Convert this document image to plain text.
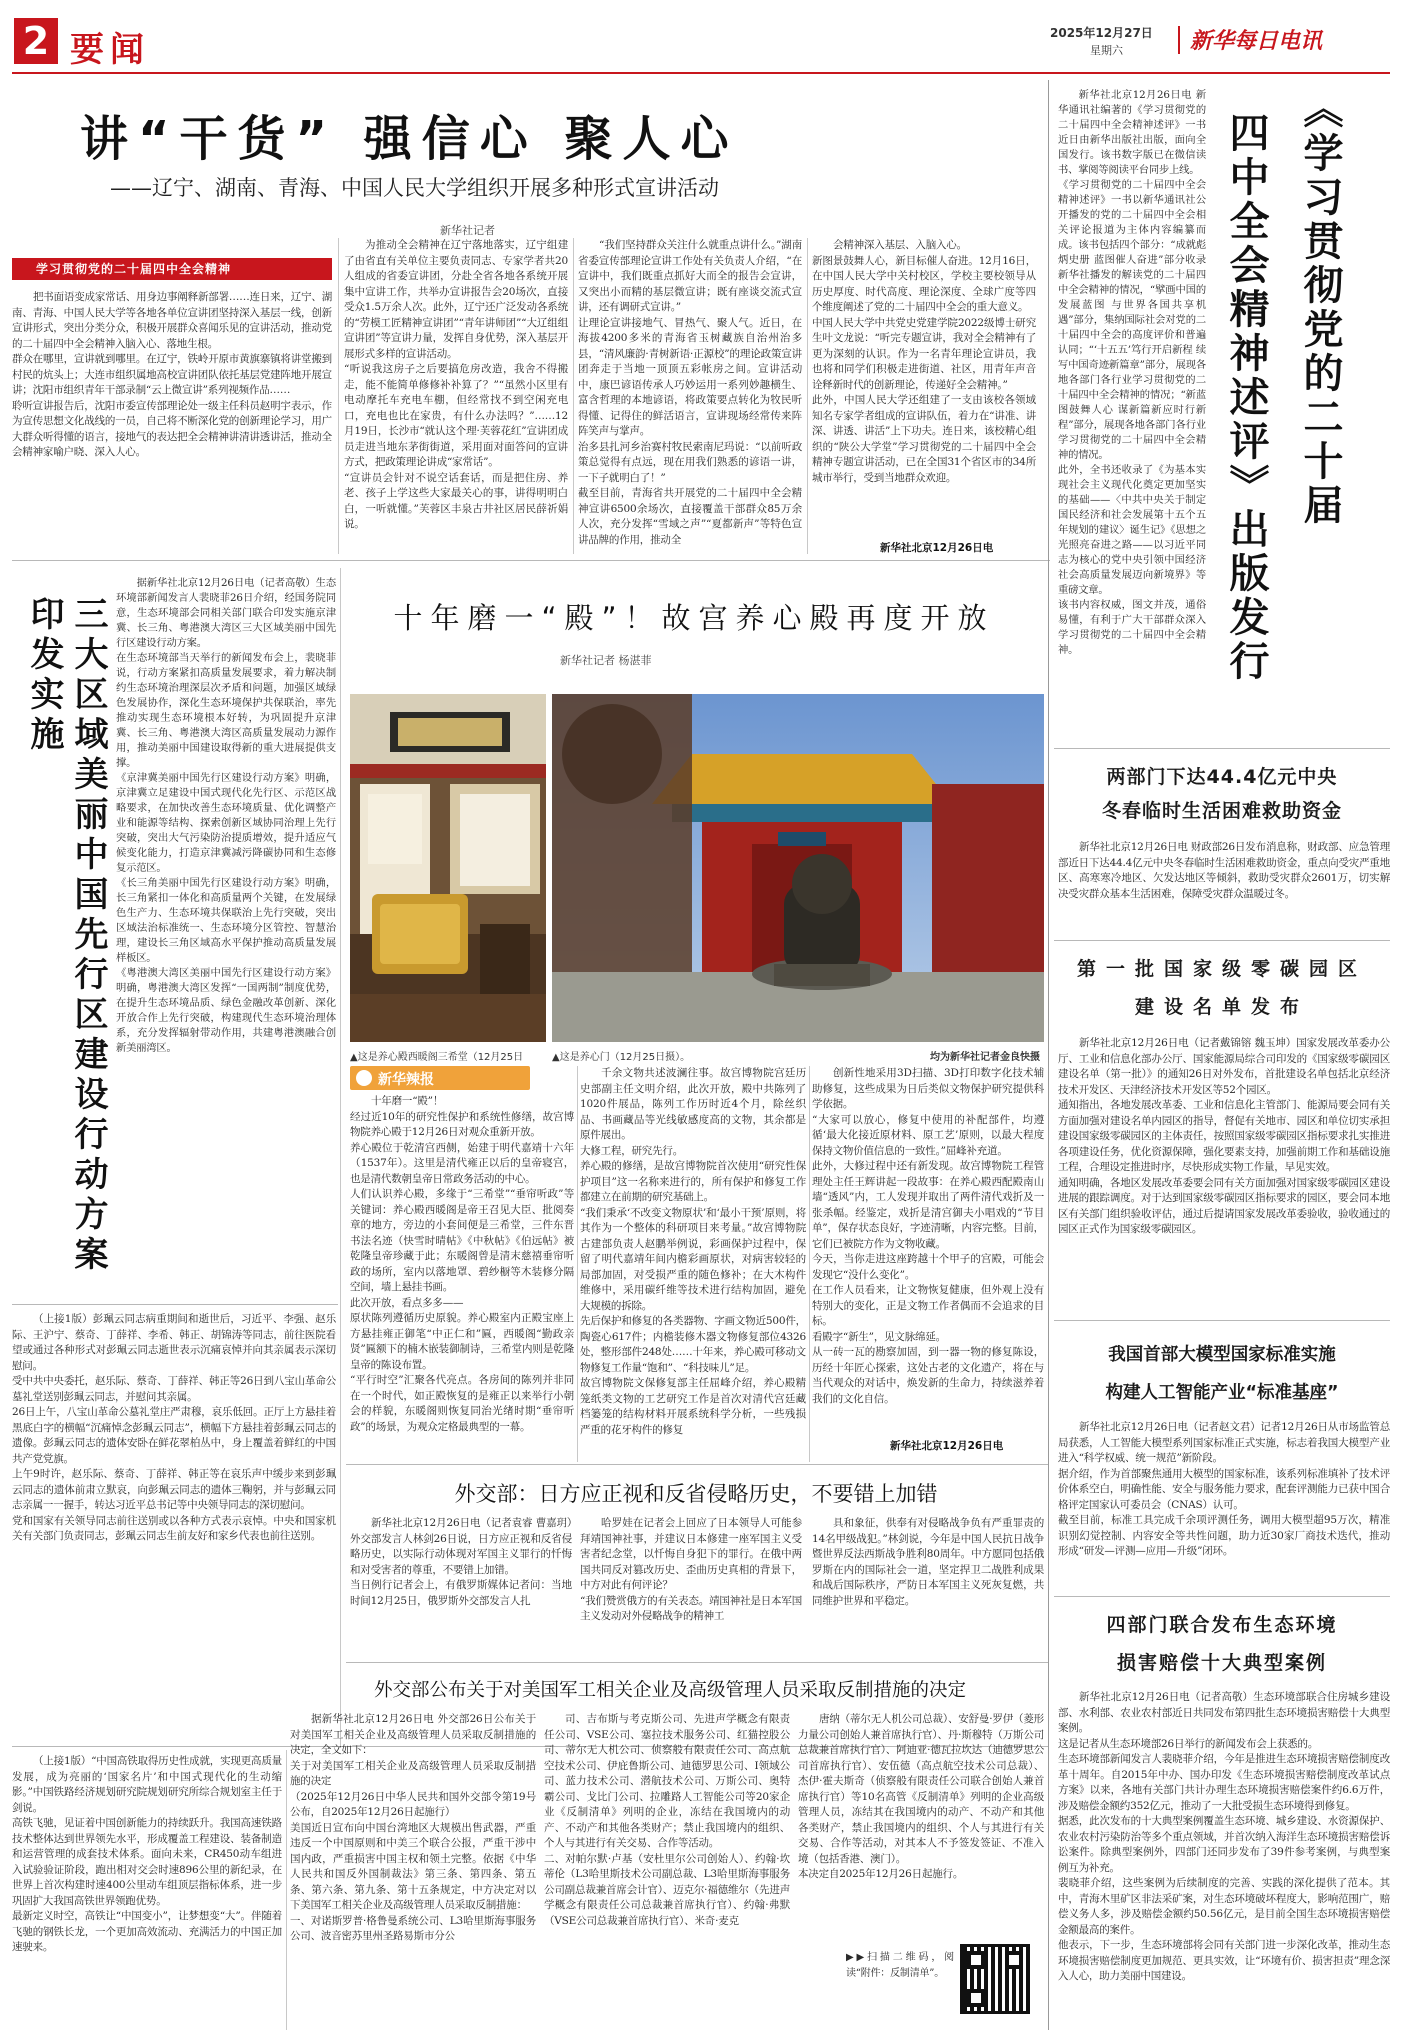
2 要闻	2025年12月27日
星期六	新华每日电讯
讲“干货” 强信心 聚人心
——辽宁、湖南、青海、中国人民大学组织开展多种形式宣讲活动
新华社记者
学习贯彻党的二十届四中全会精神
把书面语变成家常话、用身边事阐释新部署……连日来，辽宁、湖南、青海、中国人民大学等各地各单位宣讲团坚持深入基层一线，创新宣讲形式，突出分类分众，积极开展群众喜闻乐见的宣讲活动，推动党的二十届四中全会精神入脑入心、落地生根。
群众在哪里，宣讲就到哪里。在辽宁，铁岭开原市黄旗寨镇将讲堂搬到村民的炕头上；大连市组织属地高校宣讲团队依托基层党建阵地开展宣讲；沈阳市组织青年干部录制“云上微宣讲”系列视频作品……
聆听宣讲报告后，沈阳市委宣传部理论处一级主任科员赵明宇表示，作为宣传思想文化战线的一员，自己将不断深化党的创新理论学习，用广大群众听得懂的语言，接地气的表达把全会精神讲清讲透讲活，推动全会精神家喻户晓、深入人心。
为推动全会精神在辽宁落地落实，辽宁组建了由省直有关单位主要负责同志、专家学者共20人组成的省委宣讲团，分赴全省各地各系统开展集中宣讲工作，共举办宣讲报告会20场次，直接受众1.5万余人次。此外，辽宁还广泛发动各系统的“劳模工匠精神宣讲团”“青年讲师团”“大辽组组宣讲团”等宣讲力量，发挥自身优势，深入基层开展形式多样的宣讲活动。
“听说我这房子之后要搞危房改造，我舍不得搬走，能不能简单修修补补算了？”“虽然小区里有电动摩托车充电车棚，但经常找不到空闲充电口，充电也比在家贵，有什么办法吗？”……12月19日，长沙市“就认这个理·芙蓉花红”宣讲团成员走进当地东茅街街道，采用面对面答问的宣讲方式，把政策理论讲成“家常话”。
“宣讲员会针对不说空话套话，而是把住房、养老、孩子上学这些大家最关心的事，讲得明明白白，一听就懂。”芙蓉区丰泉古井社区居民薛祈娟说。
“我们坚持群众关注什么就重点讲什么。”湖南省委宣传部理论宣讲工作处有关负责人介绍，“在宣讲中，我们既重点抓好大而全的报告会宣讲，又突出小而精的基层微宣讲；既有座谈交流式宣讲，还有调研式宣讲。”
让理论宣讲接地气、冒热气、聚人气。近日，在海拔4200多米的青海省玉树藏族自治州治多县，“清风廉韵·青树新语·正源校”的理论政策宣讲团奔走于当地一顶顶五彩帐房之间。宣讲活动中，康巴谚语传承人巧妙运用一系列妙趣横生、富含哲理的本地谚语，将政策要点转化为牧民听得懂、记得住的鲜活语言，宣讲现场经常传来阵阵笑声与掌声。
治多县扎河乡治赛村牧民索南尼玛说：“以前听政策总觉得有点远，现在用我们熟悉的谚语一讲，一下子就明白了！”
截至目前，青海省共开展党的二十届四中全会精神宣讲6500余场次，直接覆盖干部群众85万余人次，充分发挥“雪域之声”“夏都新声”等特色宣讲品牌的作用，推动全
会精神深入基层、入脑入心。
新图景鼓舞人心，新目标催人奋进。12月16日，在中国人民大学中关村校区，学校主要校领导从历史厚度、时代高度、理论深度、全球广度等四个维度阐述了党的二十届四中全会的重大意义。
中国人民大学中共党史党建学院2022级博士研究生叶文龙说：“听完专题宣讲，我对全会精神有了更为深刻的认识。作为一名青年理论宣讲员，我也将和同学们积极走进街道、社区，用青年声音诠释新时代的创新理论，传递好全会精神。”
此外，中国人民大学还组建了一支由该校各领域知名专家学者组成的宣讲队伍，着力在“讲准、讲深、讲透、讲活”上下功夫。连日来，该校精心组织的“陕公大学堂”学习贯彻党的二十届四中全会精神专题宣讲活动，已在全国31个省区市的34所城市举行，受到当地群众欢迎。
新华社北京12月26日电
新华社北京12月26日电 新华通讯社编著的《学习贯彻党的二十届四中全会精神述评》一书近日由新华出版社出版，面向全国发行。该书数字版已在微信读书、掌阅等阅读平台同步上线。
《学习贯彻党的二十届四中全会精神述评》一书以新华通讯社公开播发的党的二十届四中全会相关评论报道为主体内容编纂而成。该书包括四个部分：“成就彪炳史册 蓝图催人奋进”部分收录新华社播发的解读党的二十届四中全会精神的情况，“擘画中国的发展蓝图 与世界各国共享机遇”部分，集纳国际社会对党的二十届四中全会的高度评价和普遍认同；“‘十五五’笃行开启新程 续写中国奇迹新篇章”部分，展现各地各部门各行业学习贯彻党的二十届四中全会精神的情况；“新蓝图鼓舞人心 谋新篇新应时行新程”部分，展现各地各部门各行业学习贯彻党的二十届四中全会精神的情况。
此外，全书还收录了《为基本实现社会主义现代化奠定更加坚实的基础——〈中共中央关于制定国民经济和社会发展第十五个五年规划的建议〉诞生记》《思想之光照亮奋进之路——以习近平同志为核心的党中央引领中国经济社会高质量发展迈向新境界》等重磅文章。
该书内容权威，图文并茂，通俗易懂，有利于广大干部群众深入学习贯彻党的二十届四中全会精神。	四中全会精神述评》出版发行 《学习贯彻党的二十届
三大区域美丽中国先行区建设行动方案印发实施
据新华社北京12月26日电（记者高敬）生态环境部新闻发言人裴晓菲26日介绍，经国务院同意，生态环境部会同相关部门联合印发实施京津冀、长三角、粤港澳大湾区三大区域美丽中国先行区建设行动方案。
在生态环境部当天举行的新闻发布会上，裴晓菲说，行动方案紧扣高质量发展要求，着力解决制约生态环境治理深层次矛盾和问题，加强区域绿色发展协作，深化生态环境保护共保联治，率先推动实现生态环境根本好转，为巩固提升京津冀、长三角、粤港澳大湾区高质量发展动力源作用，推动美丽中国建设取得新的重大进展提供支撑。
《京津冀美丽中国先行区建设行动方案》明确，京津冀立足建设中国式现代化先行区、示范区战略要求，在加快改善生态环境质量、优化调整产业和能源等结构、探索创新区域协同治理上先行突破，突出大气污染防治提质增效，提升适应气候变化能力，打造京津冀减污降碳协同和生态修复示范区。
《长三角美丽中国先行区建设行动方案》明确，长三角紧扣一体化和高质量两个关键，在发展绿色生产力、生态环境共保联治上先行突破，突出区域法治标准统一、生态环境分区管控、智慧治理，建设长三角区域高水平保护推动高质量发展样板区。
《粤港澳大湾区美丽中国先行区建设行动方案》明确，粤港澳大湾区发挥“一国两制”制度优势，在提升生态环境品质、绿色金融改革创新、深化开放合作上先行突破，构建现代生态环境治理体系，充分发挥辐射带动作用，共建粤港澳融合创新美丽湾区。
（上接1版）彭珮云同志病重期间和逝世后，习近平、李强、赵乐际、王沪宁、蔡奇、丁薛祥、李希、韩正、胡锦涛等同志，前往医院看望或通过各种形式对彭珮云同志逝世表示沉痛哀悼并向其亲属表示深切慰问。
受中共中央委托，赵乐际、蔡奇、丁薛祥、韩正等26日到八宝山革命公墓礼堂送别彭珮云同志，并慰问其亲属。
26日上午，八宝山革命公墓礼堂庄严肃穆，哀乐低回。正厅上方悬挂着黑底白字的横幅“沉痛悼念彭珮云同志”，横幅下方悬挂着彭珮云同志的遗像。彭珮云同志的遗体安卧在鲜花翠柏丛中，身上覆盖着鲜红的中国共产党党旗。
上午9时许，赵乐际、蔡奇、丁薛祥、韩正等在哀乐声中缓步来到彭珮云同志的遗体前肃立默哀，向彭珮云同志的遗体三鞠躬，并与彭珮云同志亲属一一握手，转达习近平总书记等中央领导同志的深切慰问。
党和国家有关领导同志前往送别或以各种方式表示哀悼。中央和国家机关有关部门负责同志，彭珮云同志生前友好和家乡代表也前往送别。
（上接1版）“中国高铁取得历史性成就，实现更高质量发展，成为亮丽的‘国家名片’和中国式现代化的生动缩影。”中国铁路经济规划研究院规划研究所综合规划室主任于剑说。
高铁飞驰，见证着中国创新能力的持续跃升。我国高速铁路技术整体达到世界领先水平，形成覆盖工程建设、装备制造和运营管理的成套技术体系。面向未来，CR450动车组进入试验验证阶段，跑出相对交会时速896公里的新纪录，在世界上首次构建时速400公里动车组顶层指标体系，进一步巩固扩大我国高铁世界领跑优势。
最新定义时空，高铁让“中国变小”，让梦想变“大”。伴随着飞驰的钢铁长龙，一个更加高效流动、充满活力的中国正加速驶来。
十年磨一“殿”！故宫养心殿再度开放
新华社记者 杨湛菲
▲这是养心殿西暖阁三希堂（12月25日	▲这是养心门（12月25日摄）。	均为新华社记者金良快摄
新华辣报
十年磨一“殿”！
经过近10年的研究性保护和系统性修缮，故宫博物院养心殿于12月26日对观众重新开放。
养心殿位于乾清宫西侧，始建于明代嘉靖十六年（1537年）。这里是清代雍正以后的皇帝寝宫，也是清代数朝皇帝日常政务活动的中心。
人们认识养心殿，多缘于“三希堂”“垂帘听政”等关键词：养心殿西暖阁是帝王召见大臣、批阅奏章的地方，旁边的小套间便是三希堂，三件东晋书法名迹（快雪时晴帖》《中秋帖》《伯远帖》被乾隆皇帝珍藏于此；东暖阁曾是清末慈禧垂帘听政的场所，室内以落地罩、碧纱橱等木装修分隔空间，墙上悬挂书画。
此次开放，看点多多——
原状陈列遵循历史原貌。养心殿室内正殿宝座上方悬挂雍正御笔“中正仁和”匾，西暖阁“勤政亲贤”匾额下的楠木嵌装御制诗，三希堂内则是乾隆皇帝的陈设布置。
“平行时空”汇聚各代亮点。各房间的陈列并非同在一个时代，如正殿恢复的是雍正以来举行小朝会的样貌，东暖阁则恢复同治光绪时期“垂帘听政”的场景，为观众定格最典型的一幕。
千余文物共述波澜往事。故宫博物院宫廷历史部副主任文明介绍，此次开放，殿中共陈列了1020件展品，陈列工作历时近4个月，除丝织品、书画藏品等光线敏感度高的文物，其余都是原件展出。
大修工程，研究先行。
养心殿的修缮，是故宫博物院首次使用“研究性保护项目”这一名称来进行的，所有保护和修复工作都建立在前期的研究基础上。
“我们秉承‘不改变文物原状’和‘最小干预’原则，将其作为一个整体的科研项目来考量。”故宫博物院古建部负责人赵鹏举例说，彩画保护过程中，保留了明代嘉靖年间内檐彩画原状，对病害较轻的局部加固，对受损严重的随色修补；在大木构件维修中，采用碳纤维等技术进行结构加固，避免大规模的拆除。
先后保护和修复的各类器物、字画文物近500件，陶瓷心617件；内檐装修木器文物修复部位4326处，整形部件248处……十年来，养心殿可移动文物修复工作量“饱和”、“科技味儿”足。
故宫博物院文保修复部主任屈峰介绍，养心殿精笼纸类文物的工艺研究工作是首次对清代宫廷藏档篓笼的结构材料开展系统科学分析，一些残损严重的花牙构件的修复
创新性地采用3D扫描、3D打印数字化技术辅助修复，这些成果为日后类似文物保护研究提供科学依据。
“大家可以放心，修复中使用的补配部件，均遵循‘最大化接近原材料、原工艺’原则，以最大程度保持文物价值信息的一致性。”屈峰补充道。
此外，大修过程中还有新发现。故宫博物院工程管理处主任王辉讲起一段故事：在养心殿西配殿南山墙“透风”内，工人发现并取出了两件清代戏折及一张杀幅。经鉴定，戏折是清宫御夫小唱戏的“节目单”，保存状态良好，字迹清晰，内容完整。目前，它们已被院方作为文物收藏。
今天，当你走进这座跨越十个甲子的宫殿，可能会发现它“没什么变化”。
在工作人员看来，让文物恢复健康，但外观上没有特别大的变化，正是文物工作者偶而不会追求的目标。
看殿字“新生”，见文脉绵延。
从一砖一瓦的勘察加固，到一器一物的修复陈设，历经十年匠心探索，这处古老的文化遗产，将在与当代观众的对话中，焕发新的生命力，持续滋养着我们的文化自信。
新华社北京12月26日电
外交部：日方应正视和反省侵略历史，不要错上加错
新华社北京12月26日电（记者袁睿 曹嘉玥）外交部发言人林剑26日说，日方应正视和反省侵略历史，以实际行动体现对军国主义罪行的忏悔和对受害者的尊重，不要错上加错。
当日例行记者会上，有俄罗斯媒体记者问：当地时间12月25日，俄罗斯外交部发言人扎
哈罗娃在记者会上回应了日本领导人可能参拜靖国神社事，并建议日本修建一座军国主义受害者纪念堂，以忏悔自身犯下的罪行。在俄中两国共同反对篡改历史、歪曲历史真相的背景下，中方对此有何评论？
“我们赞赏俄方的有关表态。靖国神社是日本军国主义发动对外侵略战争的精神工
具和象征，供奉有对侵略战争负有严重罪责的14名甲级战犯。”林剑说，今年是中国人民抗日战争暨世界反法西斯战争胜利80周年。中方愿同包括俄罗斯在内的国际社会一道，坚定捍卫二战胜利成果和战后国际秩序，严防日本军国主义死灰复燃，共同维护世界和平稳定。
外交部公布关于对美国军工相关企业及高级管理人员采取反制措施的决定
据新华社北京12月26日电 外交部26日公布关于对美国军工相关企业及高级管理人员采取反制措施的决定，全文如下：
关于对美国军工相关企业及高级管理人员采取反制措施的决定
（2025年12月26日中华人民共和国外交部令第19号公布，自2025年12月26日起施行）
美国近日宣布向中国台湾地区大规模出售武器，严重违反一个中国原则和中美三个联合公报，严重干涉中国内政，严重损害中国主权和领土完整。依据《中华人民共和国反外国制裁法》第三条、第四条、第五条、第六条、第九条、第十五条规定，中方决定对以下美国军工相关企业及高级管理人员采取反制措施：
一、对诺斯罗普·格鲁曼系统公司、L3哈里斯海事服务公司、波音密苏里州圣路易斯市分公
司、吉布斯与考克斯公司、先进声学概念有限责任公司、VSE公司、塞拉技术服务公司、红猫控股公司、蒂尔无人机公司、侦察般有限责任公司、高点航空技术公司、伊庇鲁斯公司、迪德罗思公司、I领域公司、蓝力技术公司、潜航技术公司、万斯公司、奥特霸公司、戈比门公司、拉雕路人工智能公司等20家企业《反制清单》列明的企业，冻结在我国境内的动产、不动产和其他各类财产；禁止我国境内的组织、个人与其进行有关交易、合作等活动。
二、对帕尔默·卢基（安杜里尔公司创始人）、约翰·坎蒂伦（L3哈里斯技术公司副总裁、L3哈里斯海事服务公司副总裁兼首席会计官）、迈克尔·福德维尔（先进声学概念有限责任公司总裁兼首席执行官）、约翰·弗默（VSE公司总裁兼首席执行官）、米奇·麦克
唐纳（蒂尔无人机公司总裁）、安舒曼·罗伊（菱形力量公司创始人兼首席执行官）、丹·斯穆特（万斯公司总裁兼首席执行官）、阿迪亚·德瓦拉坎达（迪德罗思公司首席执行官）、安伍德（高点航空技术公司总裁）、杰伊·霍夫斯奇（侦察般有限责任公司联合创始人兼首席执行官）等10名高管《反制清单》列明的企业高级管理人员，冻结其在我国境内的动产、不动产和其他各类财产，禁止我国境内的组织、个人与其进行有关交易、合作等活动，对其本人不予签发签证、不准入境（包括香港、澳门）。
本决定自2025年12月26日起施行。
▶▶扫描二维码，阅读“附件：反制清单”。
两部门下达44.4亿元中央
冬春临时生活困难救助资金
新华社北京12月26日电 财政部26日发布消息称，财政部、应急管理部近日下达44.4亿元中央冬春临时生活困难救助资金，重点向受灾严重地区、高寒寒冷地区、欠发达地区等倾斜，救助受灾群众2601万，切实解决受灾群众基本生活困难，保障受灾群众温暖过冬。
第一批国家级零碳园区
建设名单发布
新华社北京12月26日电（记者戴锦镕 魏玉坤）国家发展改革委办公厅、工业和信息化部办公厅、国家能源局综合司印发的《国家级零碳园区建设名单（第一批）》的通知26日对外发布，首批建设名单包括北京经济技术开发区、天津经济技术开发区等52个园区。
通知指出，各地发展改革委、工业和信息化主管部门、能源局要会同有关方面加强对建设名单内园区的指导，督促有关地市、园区和单位切实承担建设国家级零碳园区的主体责任，按照国家级零碳园区指标要求扎实推进各项建设任务，优化资源保障，强化要素支持，加强前期工作和基础设施工程，合理设定推进时序，尽快形成实物工作量，早见实效。
通知明确，各地区发展改革委要会同有关方面加强对国家级零碳园区建设进展的跟踪调度。对于达到国家级零碳园区指标要求的园区，要会同本地区有关部门组织验收评估，通过后提请国家发展改革委验收，验收通过的园区正式作为国家级零碳园区。
我国首部大模型国家标准实施
构建人工智能产业“标准基座”
新华社北京12月26日电（记者赵文君）记者12月26日从市场监管总局获悉，人工智能大模型系列国家标准正式实施，标志着我国大模型产业进入“科学权威、统一规范”新阶段。
据介绍，作为首部聚焦通用大模型的国家标准，该系列标准填补了技术评价体系空白，明确性能、安全与服务能力要求，配套评测能力已获中国合格评定国家认可委员会（CNAS）认可。
截至目前，标准工具完成千余项评测任务，调用大模型超95万次，精准识别幻觉控制、内容安全等共性问题，助力近30家厂商技术迭代，推动形成“研发—评测—应用—升级”闭环。
四部门联合发布生态环境
损害赔偿十大典型案例
新华社北京12月26日电（记者高敬）生态环境部联合住房城乡建设部、水利部、农业农村部近日共同发布第四批生态环境损害赔偿十大典型案例。
这是记者从生态环境部26日举行的新闻发布会上获悉的。
生态环境部新闻发言人裴晓菲介绍，今年是推进生态环境损害赔偿制度改革十周年。自2015年中办、国办印发《生态环境损害赔偿制度改革试点方案》以来，各地有关部门共计办理生态环境损害赔偿案件约6.6万件，涉及赔偿金额约352亿元，推动了一大批受损生态环境得到修复。
据悉，此次发布的十大典型案例覆盖生态环境、城乡建设、水资源保护、农业农村污染防治等多个重点领域，并首次纳入海洋生态环境损害赔偿诉讼案件。除典型案例外，四部门还同步发布了39件参考案例，与典型案例互为补充。
裴晓菲介绍，这些案例为后续制度的完善、实践的深化提供了范本。其中，青海木里矿区非法采矿案，对生态环境破坏程度大，影响范围广，赔偿义务人多，涉及赔偿金额约50.56亿元，是目前全国生态环境损害赔偿金额最高的案件。
他表示，下一步，生态环境部将会同有关部门进一步深化改革，推动生态环境损害赔偿制度更加规范、更具实效，让“环境有价、损害担责”理念深入人心，助力美丽中国建设。
